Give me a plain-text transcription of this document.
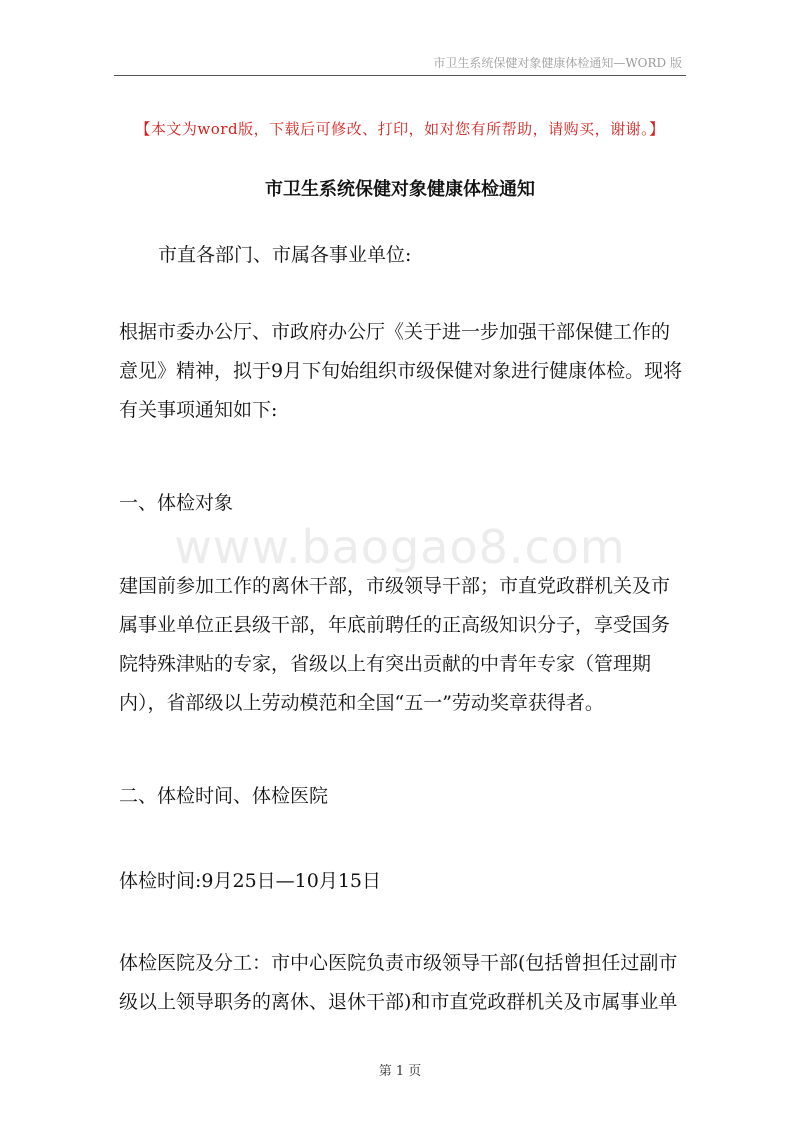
市卫生系统保健对象健康体检通知—WORD 版
【本文为word版，下载后可修改、打印，如对您有所帮助，请购买，谢谢。】
市卫生系统保健对象健康体检通知
市直各部门、市属各事业单位:
根据市委办公厅、市政府办公厅《关于进一步加强干部保健工作的意见》精神，拟于9月下旬始组织市级保健对象进行健康体检。现将有关事项通知如下:
一、体检对象
www.baogao8.com
建国前参加工作的离休干部，市级领导干部；市直党政群机关及市属事业单位正县级干部，年底前聘任的正高级知识分子，享受国务院特殊津贴的专家，省级以上有突出贡献的中青年专家（管理期内），省部级以上劳动模范和全国“五一”劳动奖章获得者。
二、体检时间、体检医院
体检时间:9月25日—10月15日
体检医院及分工：市中心医院负责市级领导干部(包括曾担任过副市级以上领导职务的离休、退休干部)和市直党政群机关及市属事业单
第 1 页
